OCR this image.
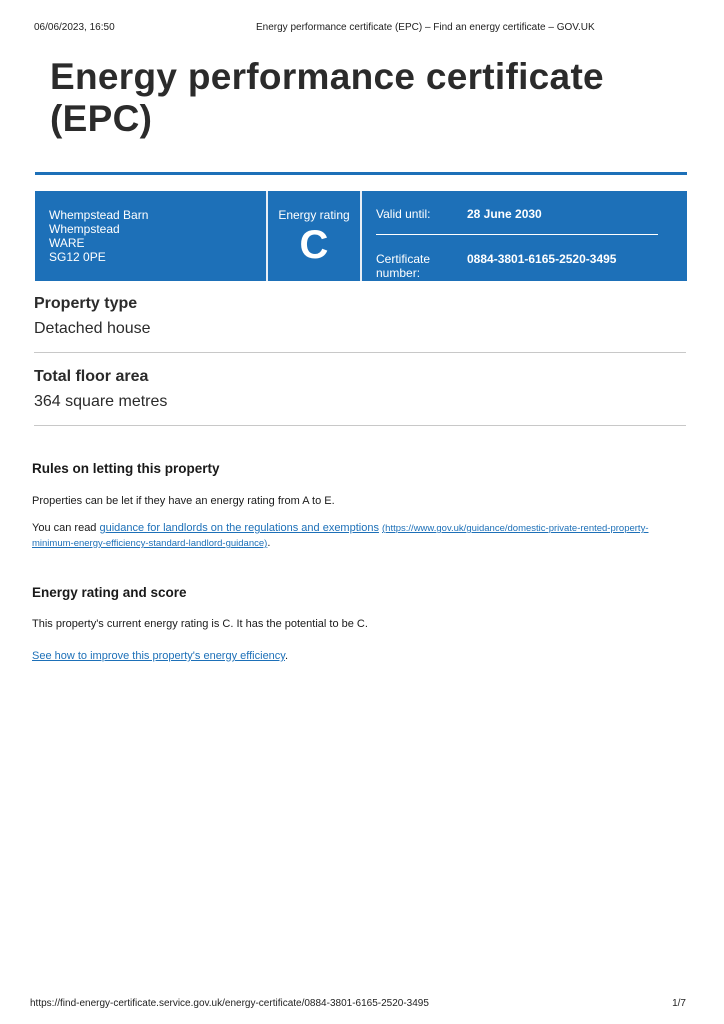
06/06/2023, 16:50	Energy performance certificate (EPC) – Find an energy certificate – GOV.UK
Energy performance certificate (EPC)
Whempstead Barn
Whempstead
WARE
SG12 0PE
Energy rating
C
Valid until:	28 June 2030
Certificate number:
0884-3801-6165-2520-3495
Property type
Detached house
Total floor area
364 square metres
Rules on letting this property

Properties can be let if they have an energy rating from A to E.

You can read guidance for landlords on the regulations and exemptions (https://www.gov.uk/guidance/domestic-private-rented-property-minimum-energy-efficiency-standard-landlord-guidance).

Energy rating and score

This property's current energy rating is C. It has the potential to be C.

See how to improve this property's energy efficiency.

https://find-energy-certificate.service.gov.uk/energy-certificate/0884-3801-6165-2520-3495	1/7
